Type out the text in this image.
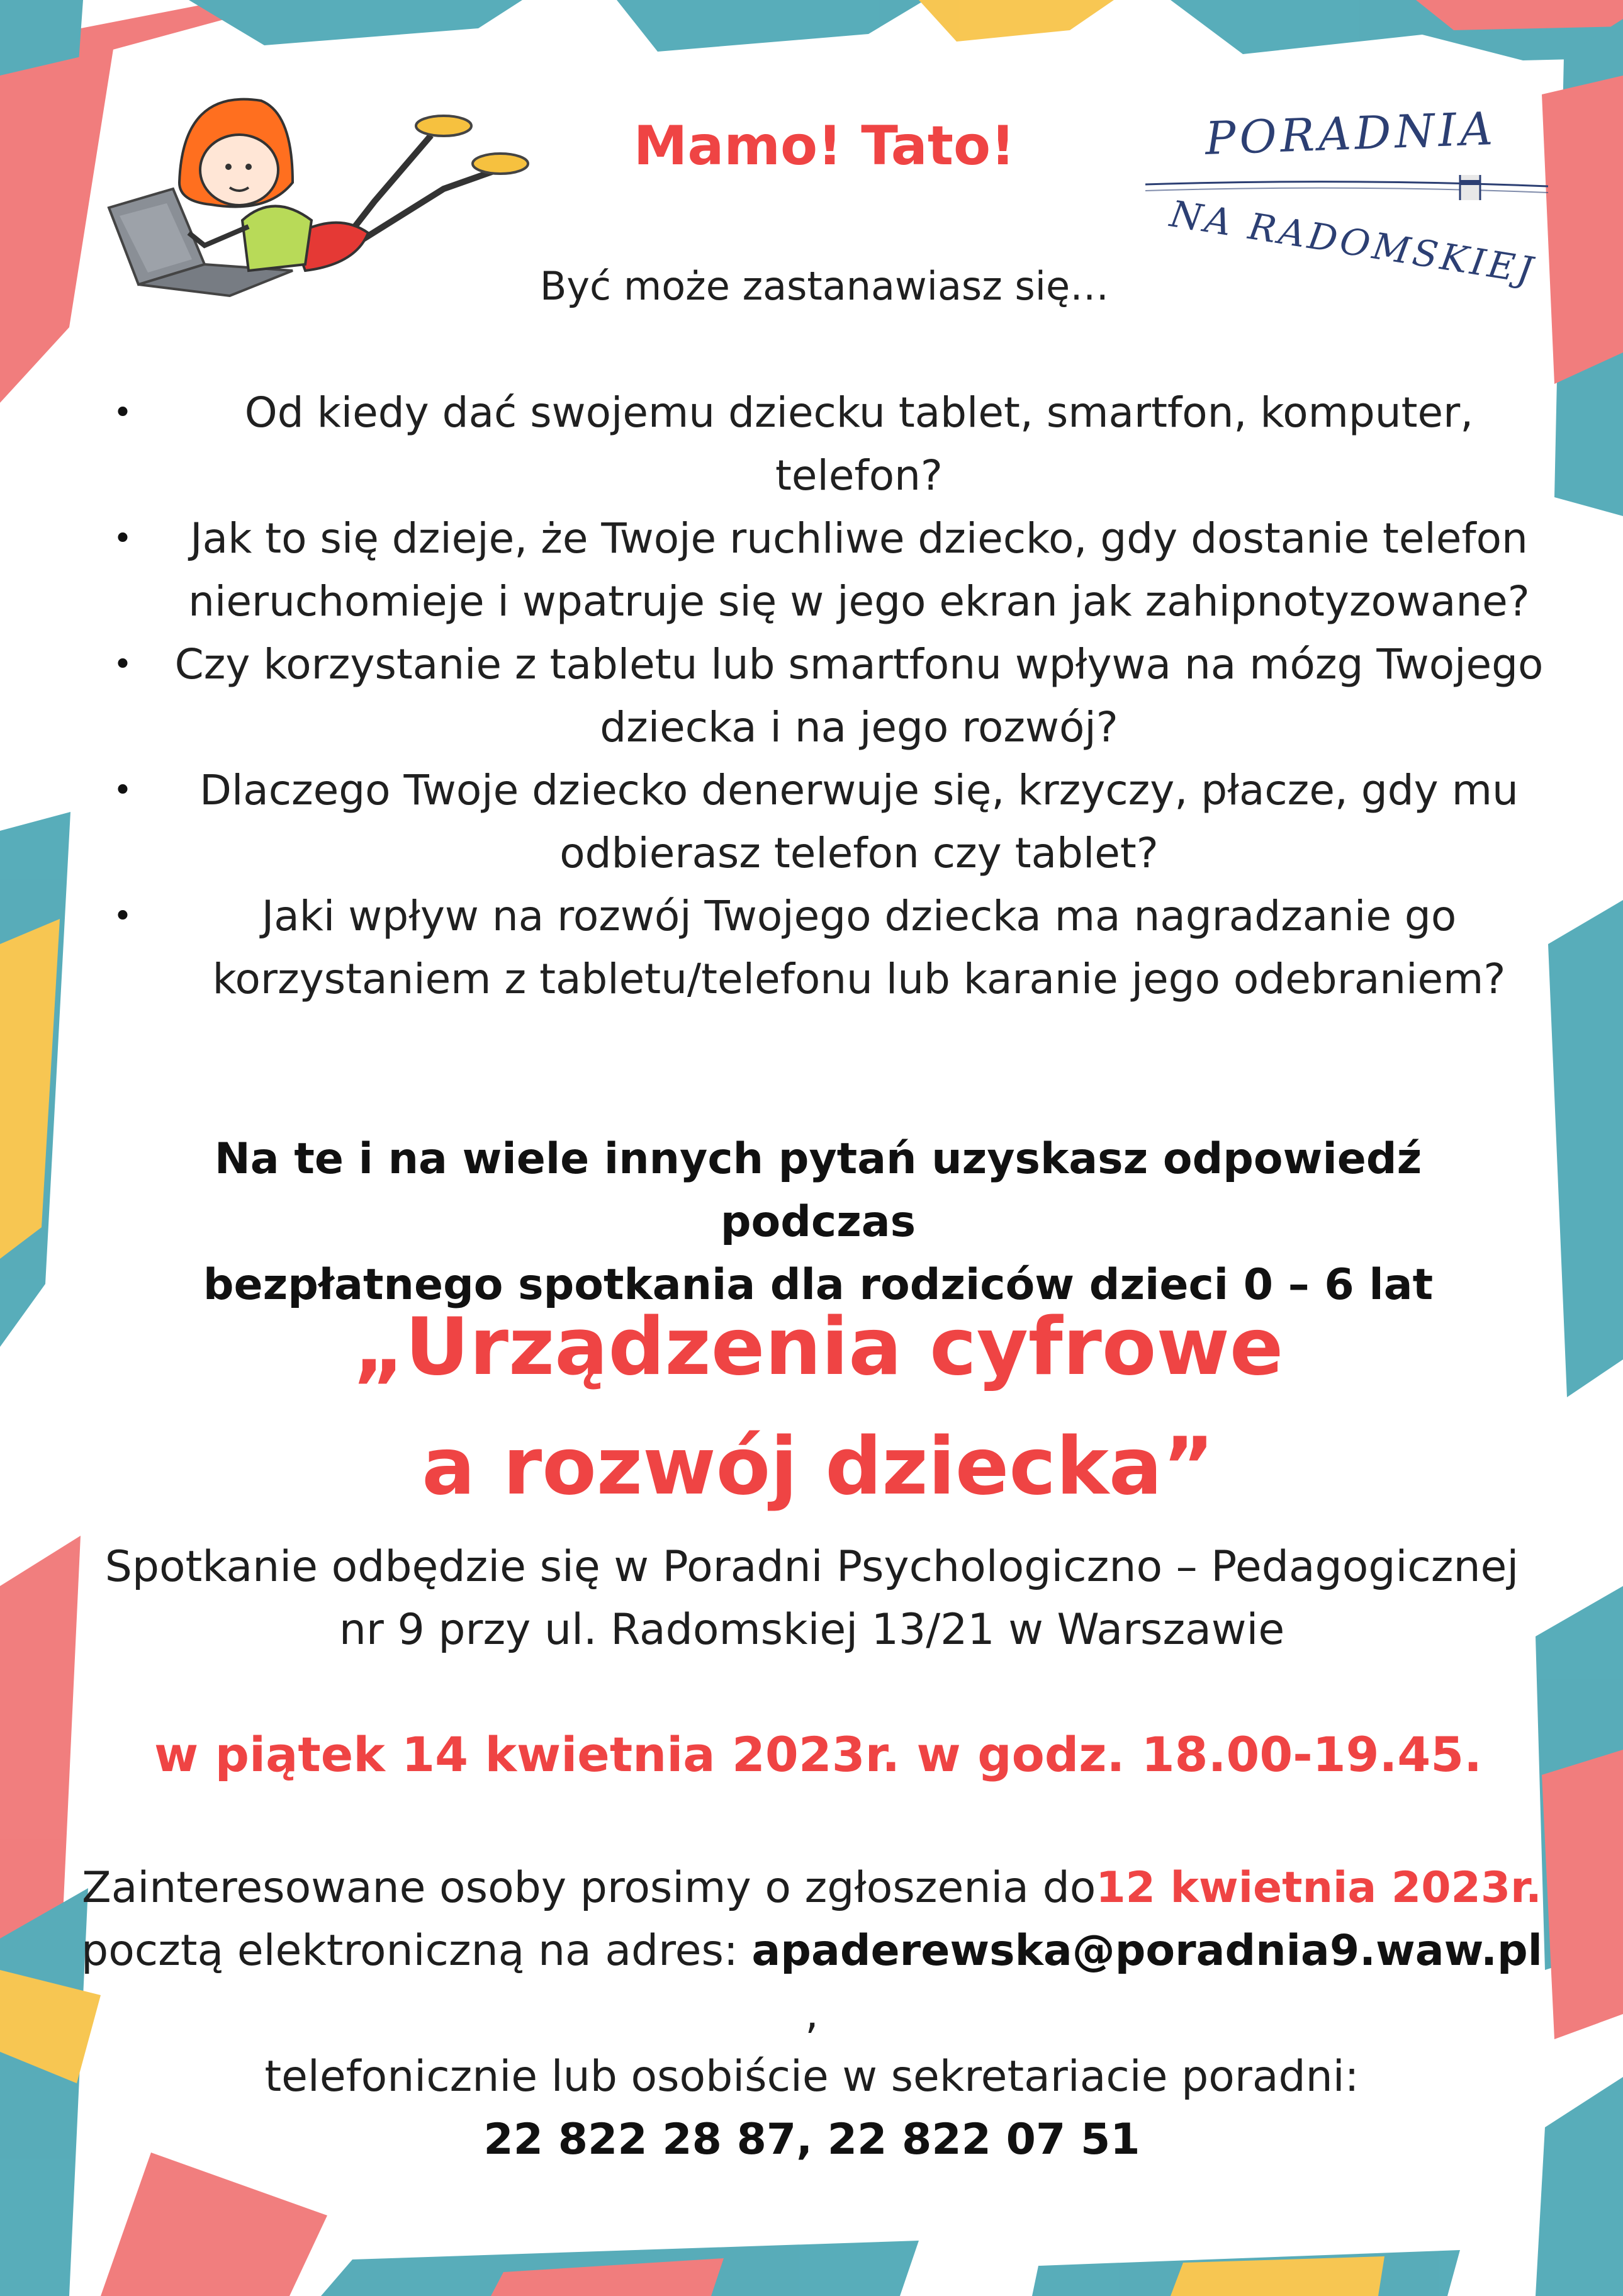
Mamo! Tato!	PORADNIA
NA RADOMSKIEJ
Być może zastanawiasz się…
•	Od kiedy dać swojemu dziecku tablet, smartfon, komputer, telefon?
• Jak to się dzieje, że Twoje ruchliwe dziecko, gdy dostanie telefon nieruchomieje i wpatruje się w jego ekran jak zahipnotyzowane?
• Czy korzystanie z tabletu lub smartfonu wpływa na mózg Twojego dziecka i na jego rozwój?
• Dlaczego Twoje dziecko denerwuje się, krzyczy, płacze, gdy mu odbierasz telefon czy tablet?
•	Jaki wpływ na rozwój Twojego dziecka ma nagradzanie go korzystaniem z tabletu/telefonu lub karanie jego odebraniem?
Na te i na wiele innych pytań uzyskasz odpowiedź podczas
bezpłatnego spotkania dla rodziców dzieci 0 – 6 lat
„Urządzenia cyfrowe
a rozwój dziecka”
Spotkanie odbędzie się w Poradni Psychologiczno – Pedagogicznej
nr 9 przy ul. Radomskiej 13/21 w Warszawie
w piątek 14 kwietnia 2023r. w godz. 18.00-19.45.
Zainteresowane osoby prosimy o zgłoszenia do12 kwietnia 2023r.
pocztą elektroniczną na adres: apaderewska@poradnia9.waw.pl ,
telefonicznie lub osobiście w sekretariacie poradni:
22 822 28 87, 22 822 07 51
